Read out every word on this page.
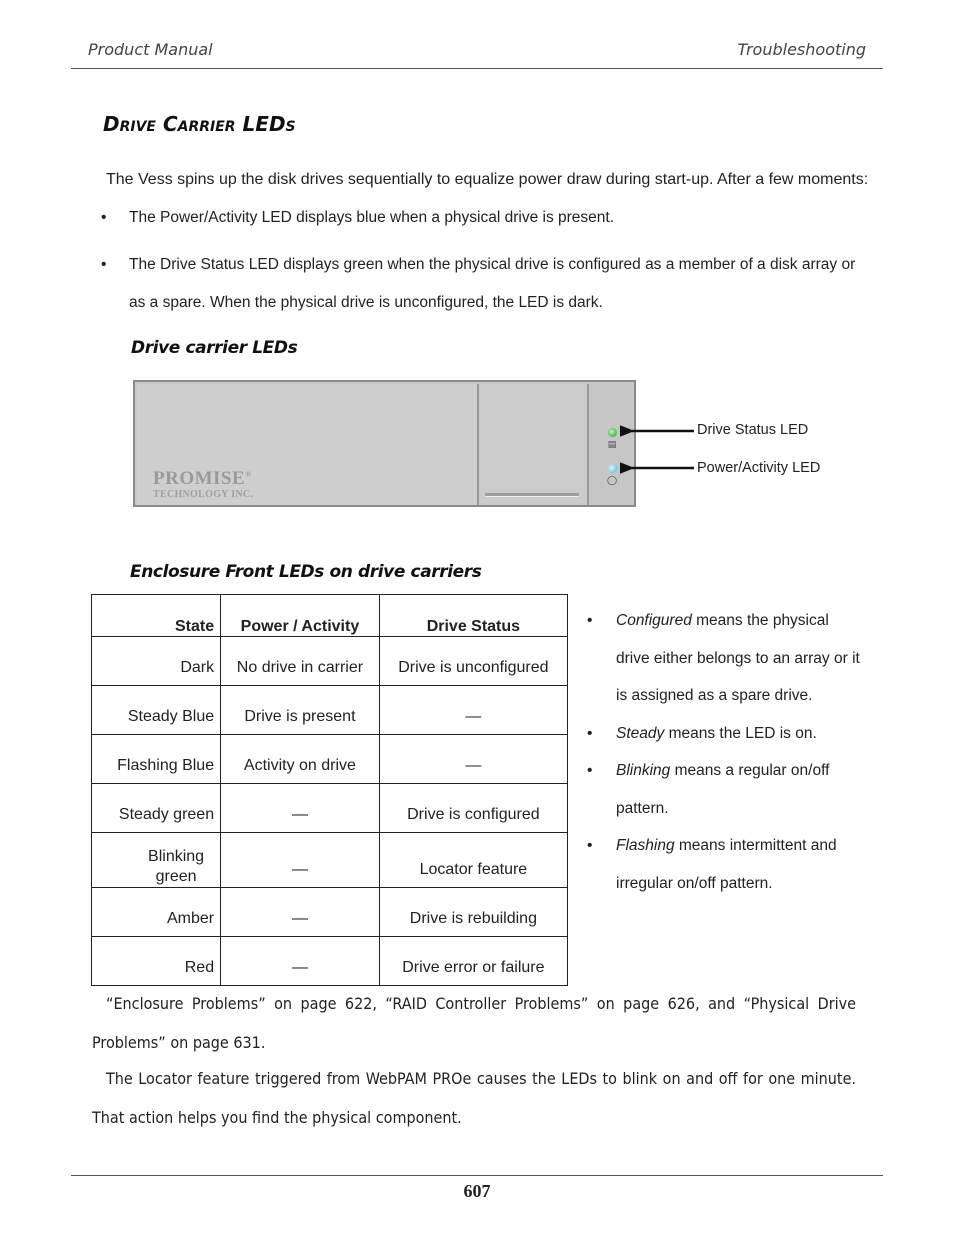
Product Manual	Troubleshooting
Drive Carrier LEDs
The Vess spins up the disk drives sequentially to equalize power draw during start-up. After a few moments:
• The Power/Activity LED displays blue when a physical drive is present.
• The Drive Status LED displays green when the physical drive is configured as a member of a disk array or as a spare. When the physical drive is unconfigured, the LED is dark.
Drive carrier LEDs
PROMISE®
TECHNOLOGY INC.
▤
◯
Drive Status LED
Power/Activity LED
Enclosure Front LEDs on drive carriers
State	Power / Activity	Drive Status
Dark	No drive in carrier	Drive is unconfigured
Steady Blue	Drive is present	—
Flashing Blue	Activity on drive	—
Steady green	—	Drive is configured
Blinking green	—	Locator feature
Amber	—	Drive is rebuilding
Red	—	Drive error or failure
• Configured means the physical drive either belongs to an array or it is assigned as a spare drive.
• Steady means the LED is on.
• Blinking means a regular on/off pattern.
• Flashing means intermittent and irregular on/off pattern.
“Enclosure Problems” on page 622, “RAID Controller Problems” on page 626, and “Physical Drive Problems” on page 631.
The Locator feature triggered from WebPAM PROe causes the LEDs to blink on and off for one minute. That action helps you find the physical component.
607
